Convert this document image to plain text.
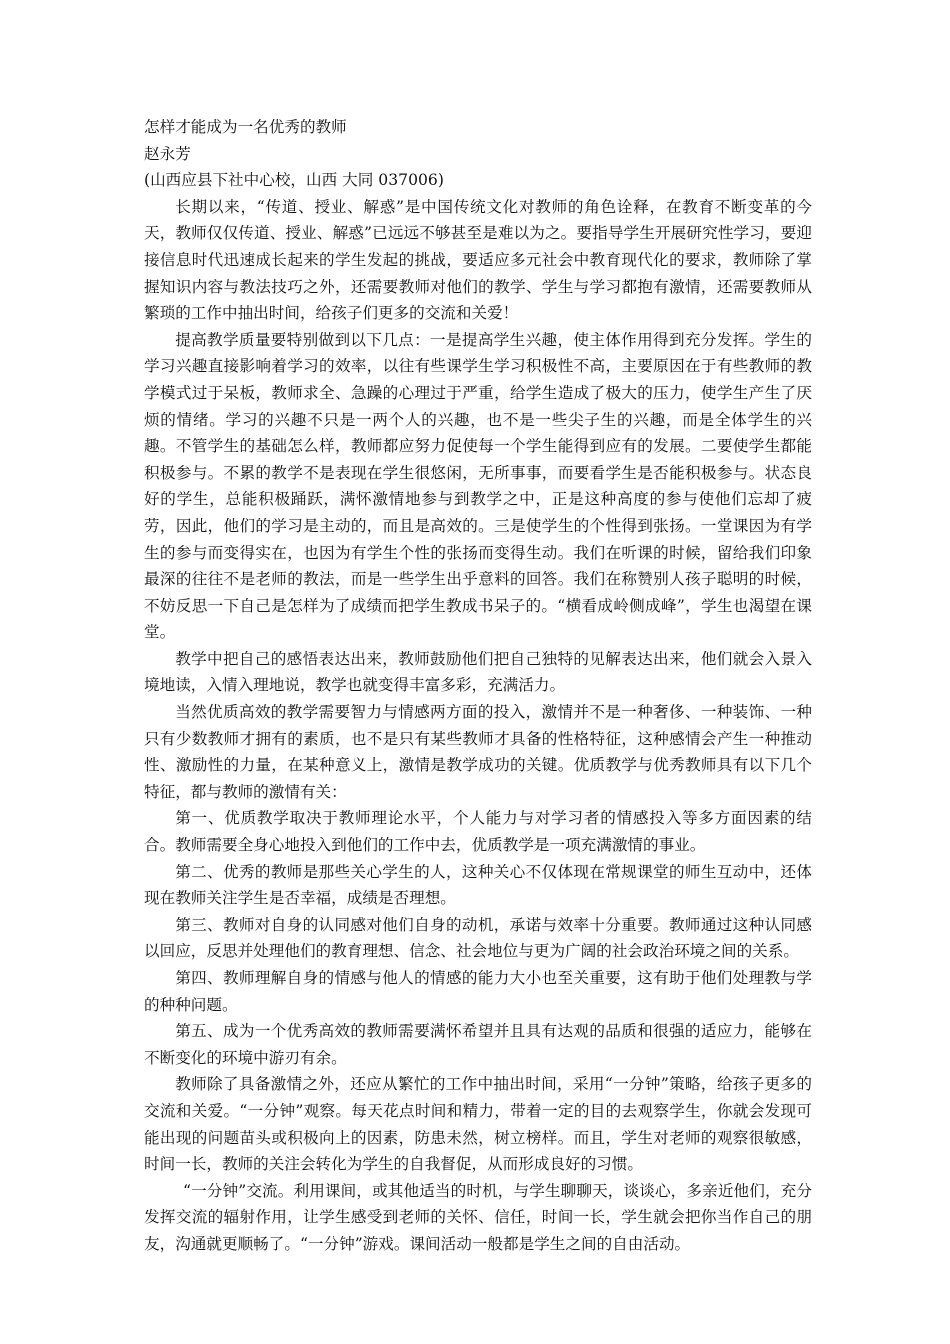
怎样才能成为一名优秀的教师

赵永芳

(山西应县下社中心校，山西 大同 037006)

长期以来，“传道、授业、解惑”是中国传统文化对教师的角色诠释，在教育不断变革的今天，教师仅仅传道、授业、解惑”已远远不够甚至是难以为之。要指导学生开展研究性学习，要迎接信息时代迅速成长起来的学生发起的挑战，要适应多元社会中教育现代化的要求，教师除了掌握知识内容与教法技巧之外，还需要教师对他们的教学、学生与学习都抱有激情，还需要教师从繁琐的工作中抽出时间，给孩子们更多的交流和关爱！

提高教学质量要特别做到以下几点：一是提高学生兴趣，使主体作用得到充分发挥。学生的学习兴趣直接影响着学习的效率，以往有些课学生学习积极性不高，主要原因在于有些教师的教学模式过于呆板，教师求全、急躁的心理过于严重，给学生造成了极大的压力，使学生产生了厌烦的情绪。学习的兴趣不只是一两个人的兴趣，也不是一些尖子生的兴趣，而是全体学生的兴趣。不管学生的基础怎么样，教师都应努力促使每一个学生能得到应有的发展。二要使学生都能积极参与。不累的教学不是表现在学生很悠闲，无所事事，而要看学生是否能积极参与。状态良好的学生，总能积极踊跃，满怀激情地参与到教学之中，正是这种高度的参与使他们忘却了疲劳，因此，他们的学习是主动的，而且是高效的。三是使学生的个性得到张扬。一堂课因为有学生的参与而变得实在，也因为有学生个性的张扬而变得生动。我们在听课的时候，留给我们印象最深的往往不是老师的教法，而是一些学生出乎意料的回答。我们在称赞别人孩子聪明的时候，不妨反思一下自己是怎样为了成绩而把学生教成书呆子的。“横看成岭侧成峰”，学生也渴望在课堂。

教学中把自己的感悟表达出来，教师鼓励他们把自己独特的见解表达出来，他们就会入景入境地读，入情入理地说，教学也就变得丰富多彩，充满活力。

当然优质高效的教学需要智力与情感两方面的投入，激情并不是一种奢侈、一种装饰、一种只有少数教师才拥有的素质，也不是只有某些教师才具备的性格特征，这种感情会产生一种推动性、激励性的力量，在某种意义上，激情是教学成功的关键。优质教学与优秀教师具有以下几个特征，都与教师的激情有关：

第一、优质教学取决于教师理论水平，个人能力与对学习者的情感投入等多方面因素的结合。教师需要全身心地投入到他们的工作中去，优质教学是一项充满激情的事业。

第二、优秀的教师是那些关心学生的人，这种关心不仅体现在常规课堂的师生互动中，还体现在教师关注学生是否幸福，成绩是否理想。

第三、教师对自身的认同感对他们自身的动机，承诺与效率十分重要。教师通过这种认同感以回应，反思并处理他们的教育理想、信念、社会地位与更为广阔的社会政治环境之间的关系。

第四、教师理解自身的情感与他人的情感的能力大小也至关重要，这有助于他们处理教与学的种种问题。

第五、成为一个优秀高效的教师需要满怀希望并且具有达观的品质和很强的适应力，能够在不断变化的环境中游刃有余。

教师除了具备激情之外，还应从繁忙的工作中抽出时间，采用“一分钟”策略，给孩子更多的交流和关爱。“一分钟”观察。每天花点时间和精力，带着一定的目的去观察学生，你就会发现可能出现的问题苗头或积极向上的因素，防患未然，树立榜样。而且，学生对老师的观察很敏感，时间一长，教师的关注会转化为学生的自我督促，从而形成良好的习惯。

“一分钟”交流。利用课间，或其他适当的时机，与学生聊聊天，谈谈心，多亲近他们，充分发挥交流的辐射作用，让学生感受到老师的关怀、信任，时间一长，学生就会把你当作自己的朋友，沟通就更顺畅了。“一分钟”游戏。课间活动一般都是学生之间的自由活动。
